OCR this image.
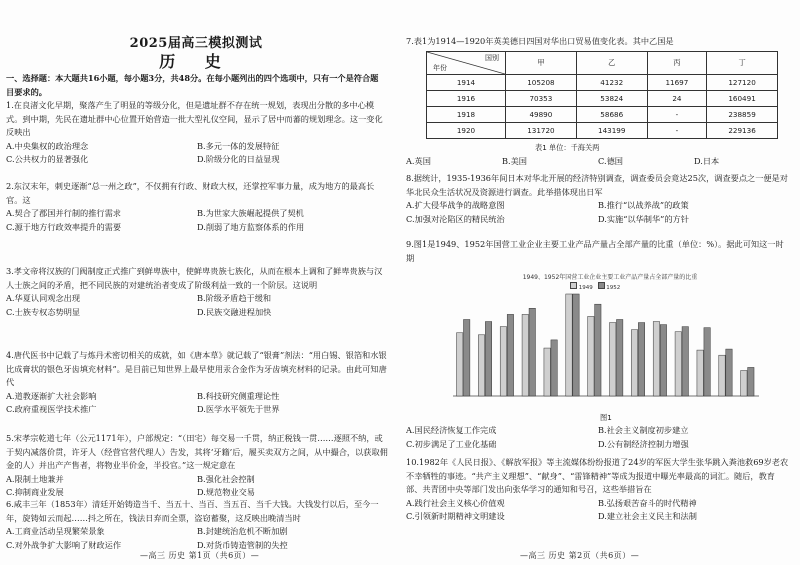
2025届高三模拟测试
历 史
一、选择题：本大题共16小题，每小题3分，共48分。在每小题列出的四个选项中，只有一个是符合题目要求的。
1.在良渚文化早期，聚落产生了明显的等级分化，但是遗址群不存在统一规划，表现出分散的多中心模式。到中期，先民在遗址群中心位置开始营造一批大型礼仪空间，显示了居中而蕃的规划理念。这一变化反映出
A.中央集权的政治理念	B.多元一体的发展特征
C.公共权力的显著强化	D.阶级分化的日益显现
2.东汉末年，刺史逐渐“总一州之政”，不仅拥有行政、财政大权，还掌控军事力量，成为地方的最高长官。这
A.契合了郡国并行制的推行需求	B.为世家大族崛起提供了契机
C.源于地方行政效率提升的需要	D.削弱了地方监察体系的作用
3.孝文帝将汉族的门阀制度正式推广到鲜卑族中，使鲜卑贵族七族化，从而在根本上调和了鲜卑贵族与汉人士族之间的矛盾，把不同民族的对建统治者变成了阶级利益一致的一个阶层。这说明
A.华夏认同观念出现	B.阶级矛盾趋于缓和
C.士族专权态势明显	D.民族交融进程加快
4.唐代医书中记载了与炼丹术密切相关的成就，如《唐本草》就记载了“银膏”剂法：“用白锡、银箔和水银比成膏状的银色牙齿填充材料”。是目前已知世界上最早使用汞合金作为牙齿填充材料的记录。由此可知唐代
A.道教逐渐扩大社会影响	B.科技研究侧重理论性
C.政府重视医学技术推广	D.医学水平领先于世界
5.宋孝宗乾道七年（公元1171年），户部规定：“（田宅）每交易一千贯，纳正税钱一贯……逐照不纳，或于契内减落价贯，许牙人（经营官营代理人）告发，其将‘牙籍’后，履买卖双方之间，从中撮合，以获取佣金的人）并出产产售者，将物业半价金，半投官。”这一规定意在
A.限制土地兼并	B.强化社会控制
C.抑制商业发展	D.规范物业交易
6.咸丰三年（1853年）清廷开始铸造当千、当五十、当百、当五百、当千大钱。大钱发行以后，至今一年，旋铸如云而起……抖之所在，钱法日弃而全票，盗窃蓄聚，这反映出晚清当时
A.工商业活动呈现繁荣景象	B.封建统治危机不断加剧
C.对外战争扩大影响了财政运作	D.对货币铸造管制的失控
—高三 历史 第1页（共6页）—
7.表1为1914—1920年英美德日四国对华出口贸易值变化表。其中乙国是
国别
年份	甲	乙	丙	丁
1914	105208	41232	11697	127120
1916	70353	53824	24	160491
1918	49890	58686	-	238859
1920	131720	143199	-	229136
表1 单位：千海关两
A.英国	B.美国	C.德国	D.日本
8.据统计，1935-1936年间日本对华北开展的经济特别调查，调查委员会竟达25次，调查要点之一便是对华北民众生活状况及资源进行调查。此举措体现出日军
A.扩大侵华战争的战略意图	B.推行“以战养战”的政策
C.加强对沦陷区的精民统治	D.实施“以华制华”的方针
9.图1是1949、1952年国营工业企业主要工业产品产量占全部产量的比重（单位：%）。据此可知这一时期
1949、1952年国营工业企业主要工业产品产量占全部产量的比重
1949 1952
图1
A.国民经济恢复工作完成	B.社会主义制度初步建立
C.初步满足了工业化基础	D.公有制经济控制力增强
10.1982年《人民日报》、《解放军报》等主流媒体纷纷报道了24岁的军医大学生张华跳入粪池救69岁老农不幸牺牲的事迹。“共产主义理想”、“献身”、“雷锋精神”等成为报道中曝光率最高的词汇。随后，教育部、共青团中央等部门发出向张华学习的通知和号召，这些举措旨在
A.践行社会主义核心价值观	B.弘扬艰苦奋斗的时代精神
C.引领新时期精神文明建设	D.建立社会主义民主和法制
—高三 历史 第2页（共6页）—
